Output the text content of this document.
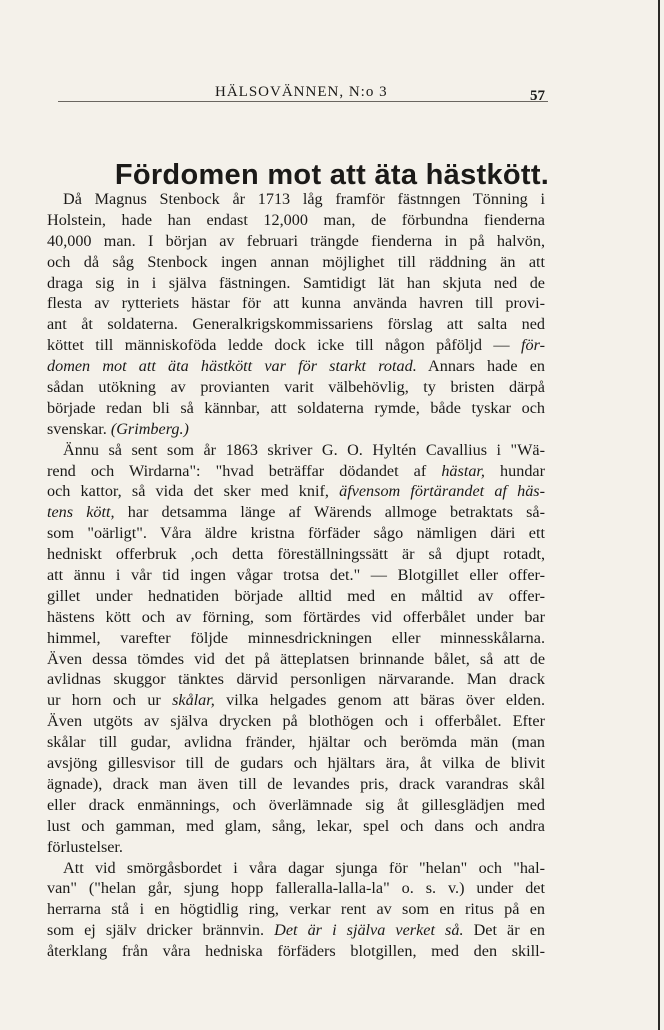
HÄLSOVÄNNEN, N:o 3	57
Fördomen mot att äta hästkött.
Då Magnus Stenbock år 1713 låg framför fästnngen Tönning i
Holstein, hade han endast 12,000 man, de förbundna fienderna
40,000 man. I början av februari trängde fienderna in på halvön,
och då såg Stenbock ingen annan möjlighet till räddning än att
draga sig in i själva fästningen. Samtidigt lät han skjuta ned de
flesta av rytteriets hästar för att kunna använda havren till provi-
ant åt soldaterna. Generalkrigskommissariens förslag att salta ned
köttet till människoföda ledde dock icke till någon påföljd — för-
domen mot att äta hästkött var för starkt rotad. Annars hade en
sådan utökning av provianten varit välbehövlig, ty bristen därpå
började redan bli så kännbar, att soldaterna rymde, både tyskar och
svenskar. (Grimberg.)
Ännu så sent som år 1863 skriver G. O. Hyltén Cavallius i "Wä-
rend och Wirdarna": "hvad beträffar dödandet af hästar, hundar
och kattor, så vida det sker med knif, äfvensom förtärandet af häs-
tens kött, har detsamma länge af Wärends allmoge betraktats så-
som "oärligt". Våra äldre kristna förfäder sågo nämligen däri ett
hedniskt offerbruk ,och detta föreställningssätt är så djupt rotadt,
att ännu i vår tid ingen vågar trotsa det." — Blotgillet eller offer-
gillet under hednatiden började alltid med en måltid av offer-
hästens kött och av förning, som förtärdes vid offerbålet under bar
himmel, varefter följde minnesdrickningen eller minnesskålarna.
Även dessa tömdes vid det på ätteplatsen brinnande bålet, så att de
avlidnas skuggor tänktes därvid personligen närvarande. Man drack
ur horn och ur skålar, vilka helgades genom att bäras över elden.
Även utgöts av själva drycken på blothögen och i offerbålet. Efter
skålar till gudar, avlidna fränder, hjältar och berömda män (man
avsjöng gillesvisor till de gudars och hjältars ära, åt vilka de blivit
ägnade), drack man även till de levandes pris, drack varandras skål
eller drack enmännings, och överlämnade sig åt gillesglädjen med
lust och gamman, med glam, sång, lekar, spel och dans och andra
förlustelser.
Att vid smörgåsbordet i våra dagar sjunga för "helan" och "hal-
van" ("helan går, sjung hopp falleralla-lalla-la" o. s. v.) under det
herrarna stå i en högtidlig ring, verkar rent av som en ritus på en
som ej själv dricker brännvin. Det är i själva verket så. Det är en
återklang från våra hedniska förfäders blotgillen, med den skill-
